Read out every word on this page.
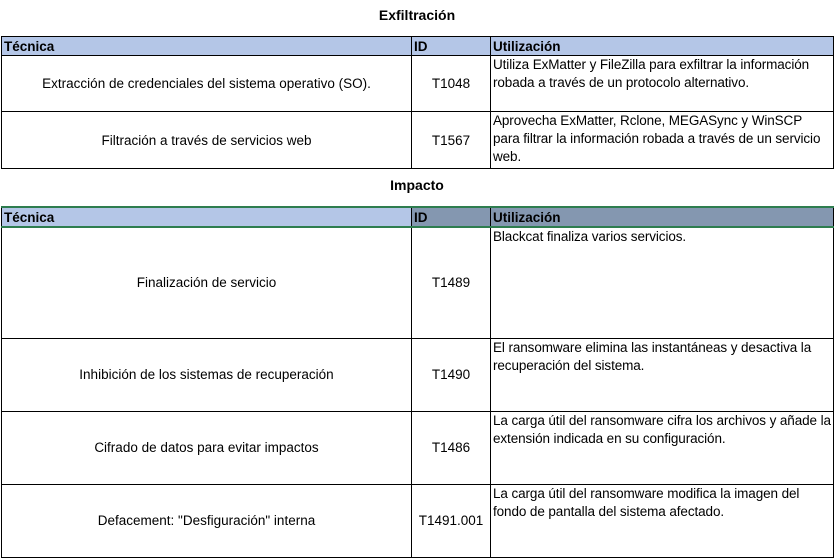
Exfiltración
Técnica	ID	Utilización
Extracción de credenciales del sistema operativo (SO).	T1048	Utiliza ExMatter y FileZilla para exfiltrar la información robada a través de un protocolo alternativo.
Filtración a través de servicios web	T1567	Aprovecha ExMatter, Rclone, MEGASync y WinSCP para filtrar la información robada a través de un servicio web.
Impacto
Técnica	ID	Utilización
Finalización de servicio	T1489	Blackcat finaliza varios servicios.
Inhibición de los sistemas de recuperación	T1490	El ransomware elimina las instantáneas y desactiva la recuperación del sistema.
Cifrado de datos para evitar impactos	T1486	La carga útil del ransomware cifra los archivos y añade la extensión indicada en su configuración.
Defacement: "Desfiguración" interna	T1491.001	La carga útil del ransomware modifica la imagen del fondo de pantalla del sistema afectado.
